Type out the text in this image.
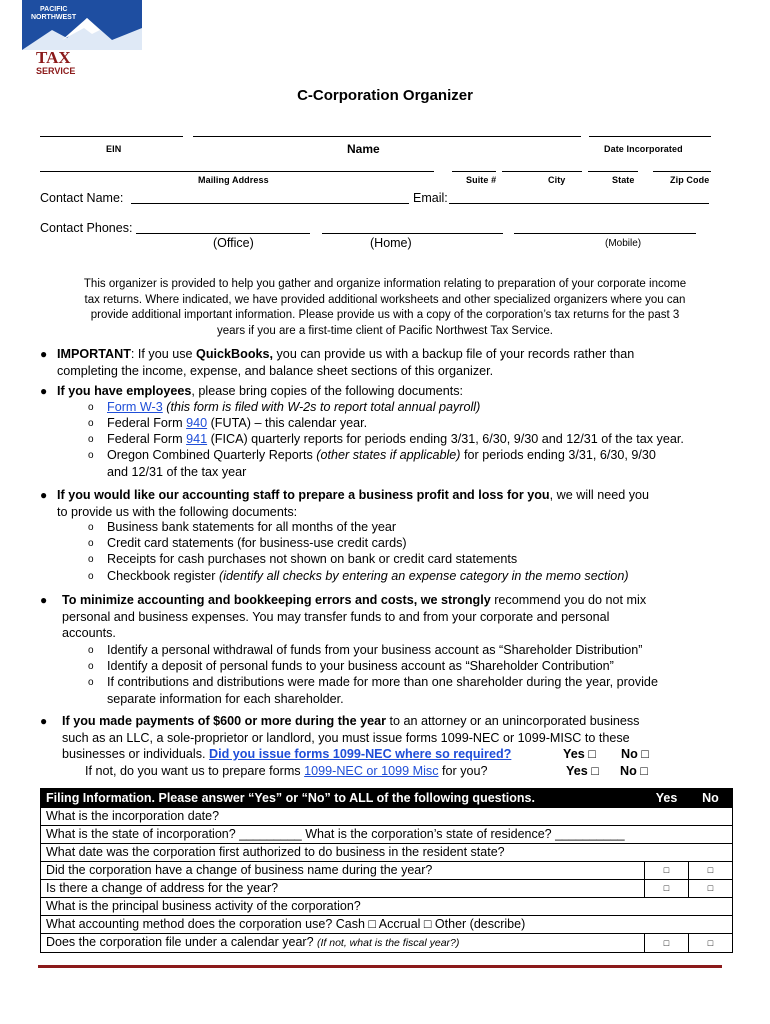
PACIFIC
NORTHWEST
TAX
SERVICE
C-Corporation Organizer
EIN	Name	Date Incorporated
Mailing Address	Suite #	City	State	Zip Code
Contact Name:	Email:
Contact Phones:
(Office)	(Home)	(Mobile)
This organizer is provided to help you gather and organize information relating to preparation of your corporate income
tax returns. Where indicated, we have provided additional worksheets and other specialized organizers where you can
provide additional important information. Please provide us with a copy of the corporation’s tax returns for the past 3
years if you are a first-time client of Pacific Northwest Tax Service.
● IMPORTANT: If you use QuickBooks, you can provide us with a backup file of your records rather than
completing the income, expense, and balance sheet sections of this organizer.
● If you have employees, please bring copies of the following documents:
o Form W-3 (this form is filed with W-2s to report total annual payroll)
o Federal Form 940 (FUTA) – this calendar year.
o Federal Form 941 (FICA) quarterly reports for periods ending 3/31, 6/30, 9/30 and 12/31 of the tax year.
o Oregon Combined Quarterly Reports (other states if applicable) for periods ending 3/31, 6/30, 9/30
and 12/31 of the tax year
● If you would like our accounting staff to prepare a business profit and loss for you, we will need you
to provide us with the following documents:
o Business bank statements for all months of the year
o Credit card statements (for business-use credit cards)
o Receipts for cash purchases not shown on bank or credit card statements
o Checkbook register (identify all checks by entering an expense category in the memo section)
● To minimize accounting and bookkeeping errors and costs, we strongly recommend you do not mix
personal and business expenses. You may transfer funds to and from your corporate and personal
accounts.
o Identify a personal withdrawal of funds from your business account as “Shareholder Distribution”
o Identify a deposit of personal funds to your business account as “Shareholder Contribution”
o If contributions and distributions were made for more than one shareholder during the year, provide
separate information for each shareholder.
● If you made payments of $600 or more during the year to an attorney or an unincorporated business
such as an LLC, a sole-proprietor or landlord, you must issue forms 1099-NEC or 1099-MISC to these
businesses or individuals. Did you issue forms 1099-NEC where so required?	Yes □ No □
If not, do you want us to prepare forms 1099-NEC or 1099 Misc for you?	Yes □ No □
Filing Information. Please answer “Yes” or “No” to ALL of the following questions.	Yes	No
What is the incorporation date?		
What is the state of incorporation? _________ What is the corporation’s state of residence? __________		
What date was the corporation first authorized to do business in the resident state?		
Did the corporation have a change of business name during the year?	□	□
Is there a change of address for the year?	□	□
What is the principal business activity of the corporation?		
What accounting method does the corporation use? Cash □ Accrual □ Other (describe)		
Does the corporation file under a calendar year? (If not, what is the fiscal year?)	□	□
